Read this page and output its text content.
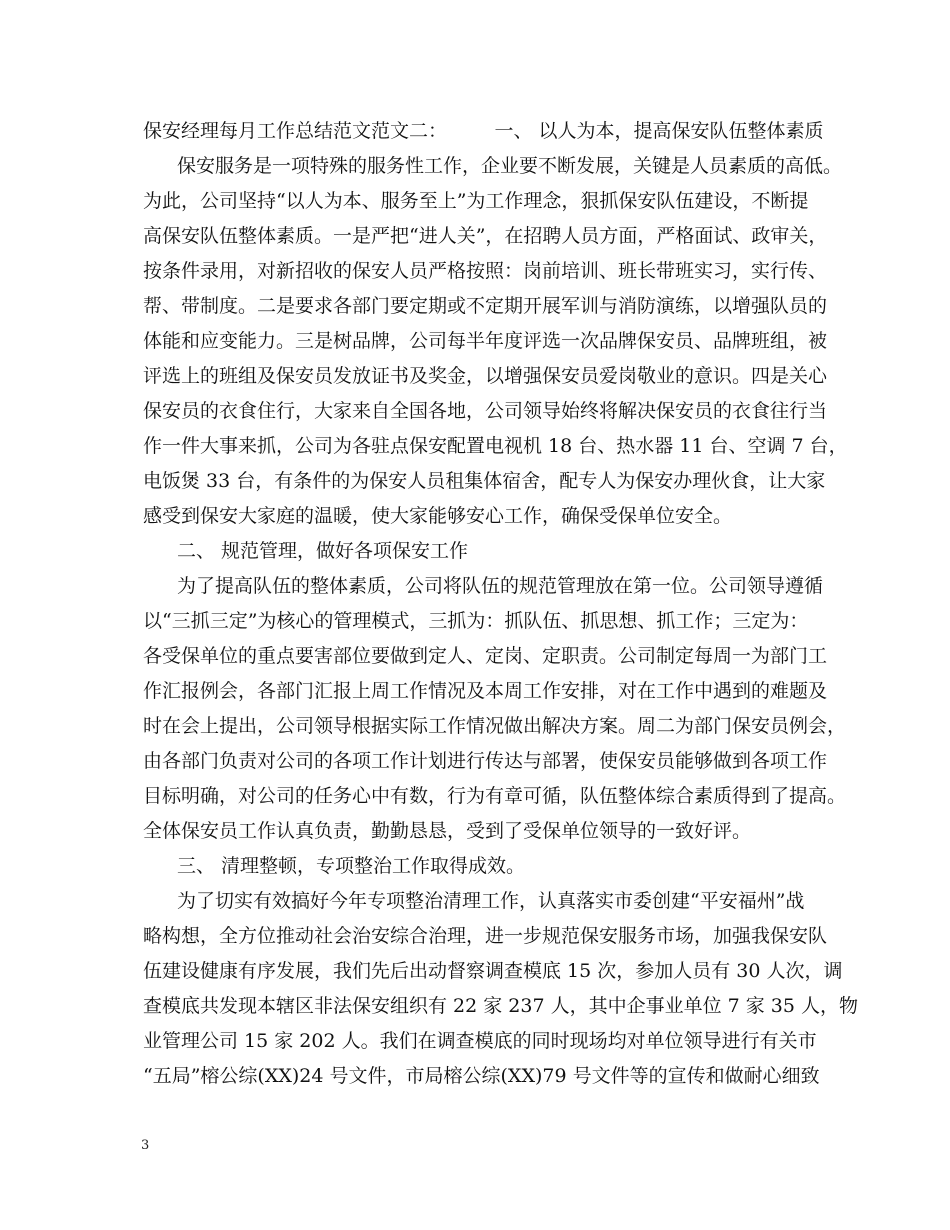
保安经理每月工作总结范文范文二：　　　一、 以人为本，提高保安队伍整体素质
保安服务是一项特殊的服务性工作，企业要不断发展，关键是人员素质的高低。
为此，公司坚持“以人为本、服务至上”为工作理念，狠抓保安队伍建设，不断提
高保安队伍整体素质。一是严把“进人关”，在招聘人员方面，严格面试、政审关，
按条件录用，对新招收的保安人员严格按照：岗前培训、班长带班实习，实行传、
帮、带制度。二是要求各部门要定期或不定期开展军训与消防演练，以增强队员的
体能和应变能力。三是树品牌，公司每半年度评选一次品牌保安员、品牌班组，被
评选上的班组及保安员发放证书及奖金，以增强保安员爱岗敬业的意识。四是关心
保安员的衣食住行，大家来自全国各地，公司领导始终将解决保安员的衣食往行当
作一件大事来抓，公司为各驻点保安配置电视机 18 台、热水器 11 台、空调 7 台，
电饭煲 33 台，有条件的为保安人员租集体宿舍，配专人为保安办理伙食，让大家
感受到保安大家庭的温暖，使大家能够安心工作，确保受保单位安全。
二、 规范管理，做好各项保安工作
为了提高队伍的整体素质，公司将队伍的规范管理放在第一位。公司领导遵循
以“三抓三定”为核心的管理模式，三抓为：抓队伍、抓思想、抓工作；三定为：
各受保单位的重点要害部位要做到定人、定岗、定职责。公司制定每周一为部门工
作汇报例会，各部门汇报上周工作情况及本周工作安排，对在工作中遇到的难题及
时在会上提出，公司领导根据实际工作情况做出解决方案。周二为部门保安员例会，
由各部门负责对公司的各项工作计划进行传达与部署，使保安员能够做到各项工作
目标明确，对公司的任务心中有数，行为有章可循，队伍整体综合素质得到了提高。
全体保安员工作认真负责，勤勤恳恳，受到了受保单位领导的一致好评。
三、 清理整顿，专项整治工作取得成效。
为了切实有效搞好今年专项整治清理工作，认真落实市委创建“平安福州”战
略构想，全方位推动社会治安综合治理，进一步规范保安服务市场，加强我保安队
伍建设健康有序发展，我们先后出动督察调查模底 15 次，参加人员有 30 人次，调
查模底共发现本辖区非法保安组织有 22 家 237 人，其中企事业单位 7 家 35 人，物
业管理公司 15 家 202 人。我们在调查模底的同时现场均对单位领导进行有关市
“五局”榕公综(XX)24 号文件，市局榕公综(XX)79 号文件等的宣传和做耐心细致
3
